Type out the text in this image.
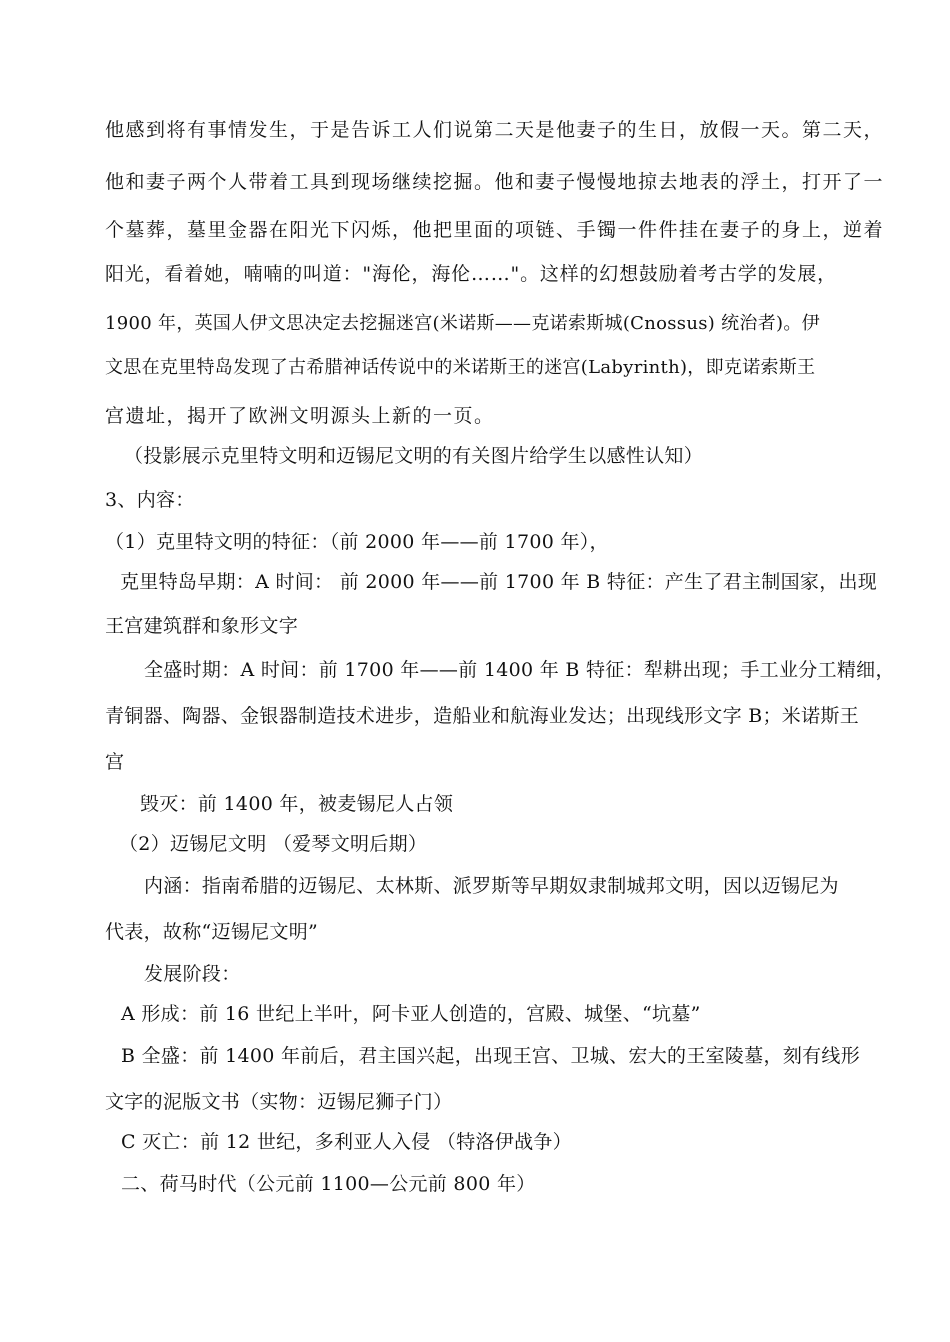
他感到将有事情发生，于是告诉工人们说第二天是他妻子的生日，放假一天。第二天，
他和妻子两个人带着工具到现场继续挖掘。他和妻子慢慢地掠去地表的浮土，打开了一
个墓葬，墓里金器在阳光下闪烁，他把里面的项链、手镯一件件挂在妻子的身上，逆着
阳光，看着她，喃喃的叫道："海伦，海伦……"。这样的幻想鼓励着考古学的发展，
1900 年，英国人伊文思决定去挖掘迷宫(米诺斯——克诺索斯城(Cnossus) 统治者)。伊
文思在克里特岛发现了古希腊神话传说中的米诺斯王的迷宫(Labyrinth)，即克诺索斯王
宫遗址，揭开了欧洲文明源头上新的一页。
（投影展示克里特文明和迈锡尼文明的有关图片给学生以感性认知）
3、内容：
（1）克里特文明的特征：（前 2000 年——前 1700 年），
克里特岛早期：A 时间： 前 2000 年——前 1700 年 B 特征：产生了君主制国家，出现
王宫建筑群和象形文字
全盛时期：A 时间：前 1700 年——前 1400 年 B 特征：犁耕出现；手工业分工精细，
青铜器、陶器、金银器制造技术进步，造船业和航海业发达；出现线形文字 B；米诺斯王
宫
毁灭：前 1400 年，被麦锡尼人占领
（2）迈锡尼文明 （爱琴文明后期）
内涵：指南希腊的迈锡尼、太林斯、派罗斯等早期奴隶制城邦文明，因以迈锡尼为
代表，故称“迈锡尼文明”
发展阶段：
A 形成：前 16 世纪上半叶，阿卡亚人创造的，宫殿、城堡、“坑墓”
B 全盛：前 1400 年前后，君主国兴起，出现王宫、卫城、宏大的王室陵墓，刻有线形
文字的泥版文书（实物：迈锡尼狮子门）
C 灭亡：前 12 世纪，多利亚人入侵 （特洛伊战争）
二、荷马时代（公元前 1100—公元前 800 年）
